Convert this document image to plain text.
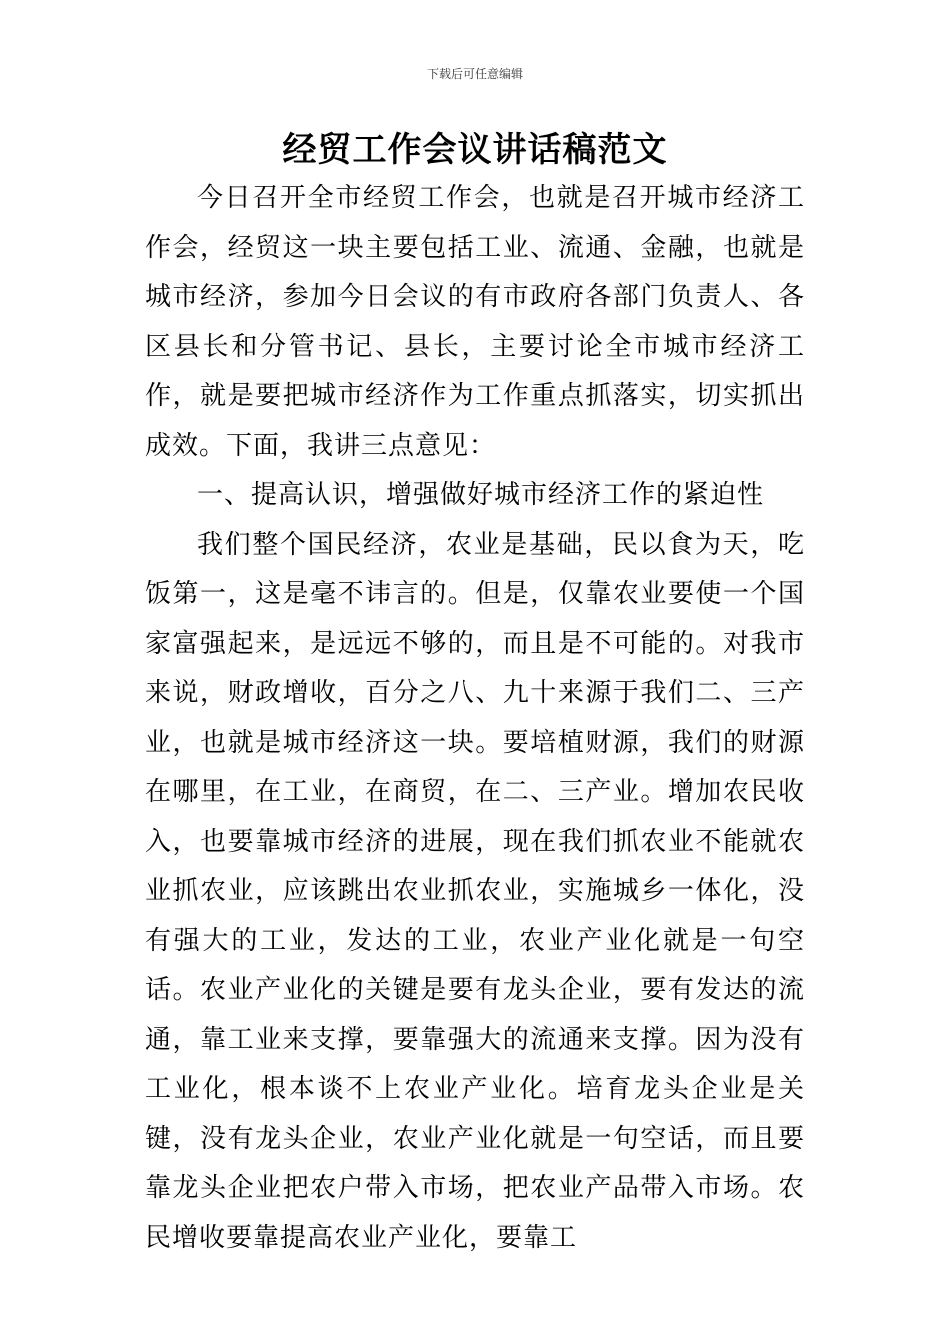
下载后可任意编辑
经贸工作会议讲话稿范文

今日召开全市经贸工作会，也就是召开城市经济工作会，经贸这一块主要包括工业、流通、金融，也就是城市经济，参加今日会议的有市政府各部门负责人、各区县长和分管书记、县长，主要讨论全市城市经济工作，就是要把城市经济作为工作重点抓落实，切实抓出成效。下面，我讲三点意见：

一、提高认识，增强做好城市经济工作的紧迫性

我们整个国民经济，农业是基础，民以食为天，吃饭第一，这是毫不讳言的。但是，仅靠农业要使一个国家富强起来，是远远不够的，而且是不可能的。对我市来说，财政增收，百分之八、九十来源于我们二、三产业，也就是城市经济这一块。要培植财源，我们的财源在哪里，在工业，在商贸，在二、三产业。增加农民收入，也要靠城市经济的进展，现在我们抓农业不能就农业抓农业，应该跳出农业抓农业，实施城乡一体化，没有强大的工业，发达的工业，农业产业化就是一句空话。农业产业化的关键是要有龙头企业，要有发达的流通，靠工业来支撑，要靠强大的流通来支撑。因为没有工业化，根本谈不上农业产业化。培育龙头企业是关键，没有龙头企业，农业产业化就是一句空话，而且要靠龙头企业把农户带入市场，把农业产品带入市场。农民增收要靠提高农业产业化，要靠工
